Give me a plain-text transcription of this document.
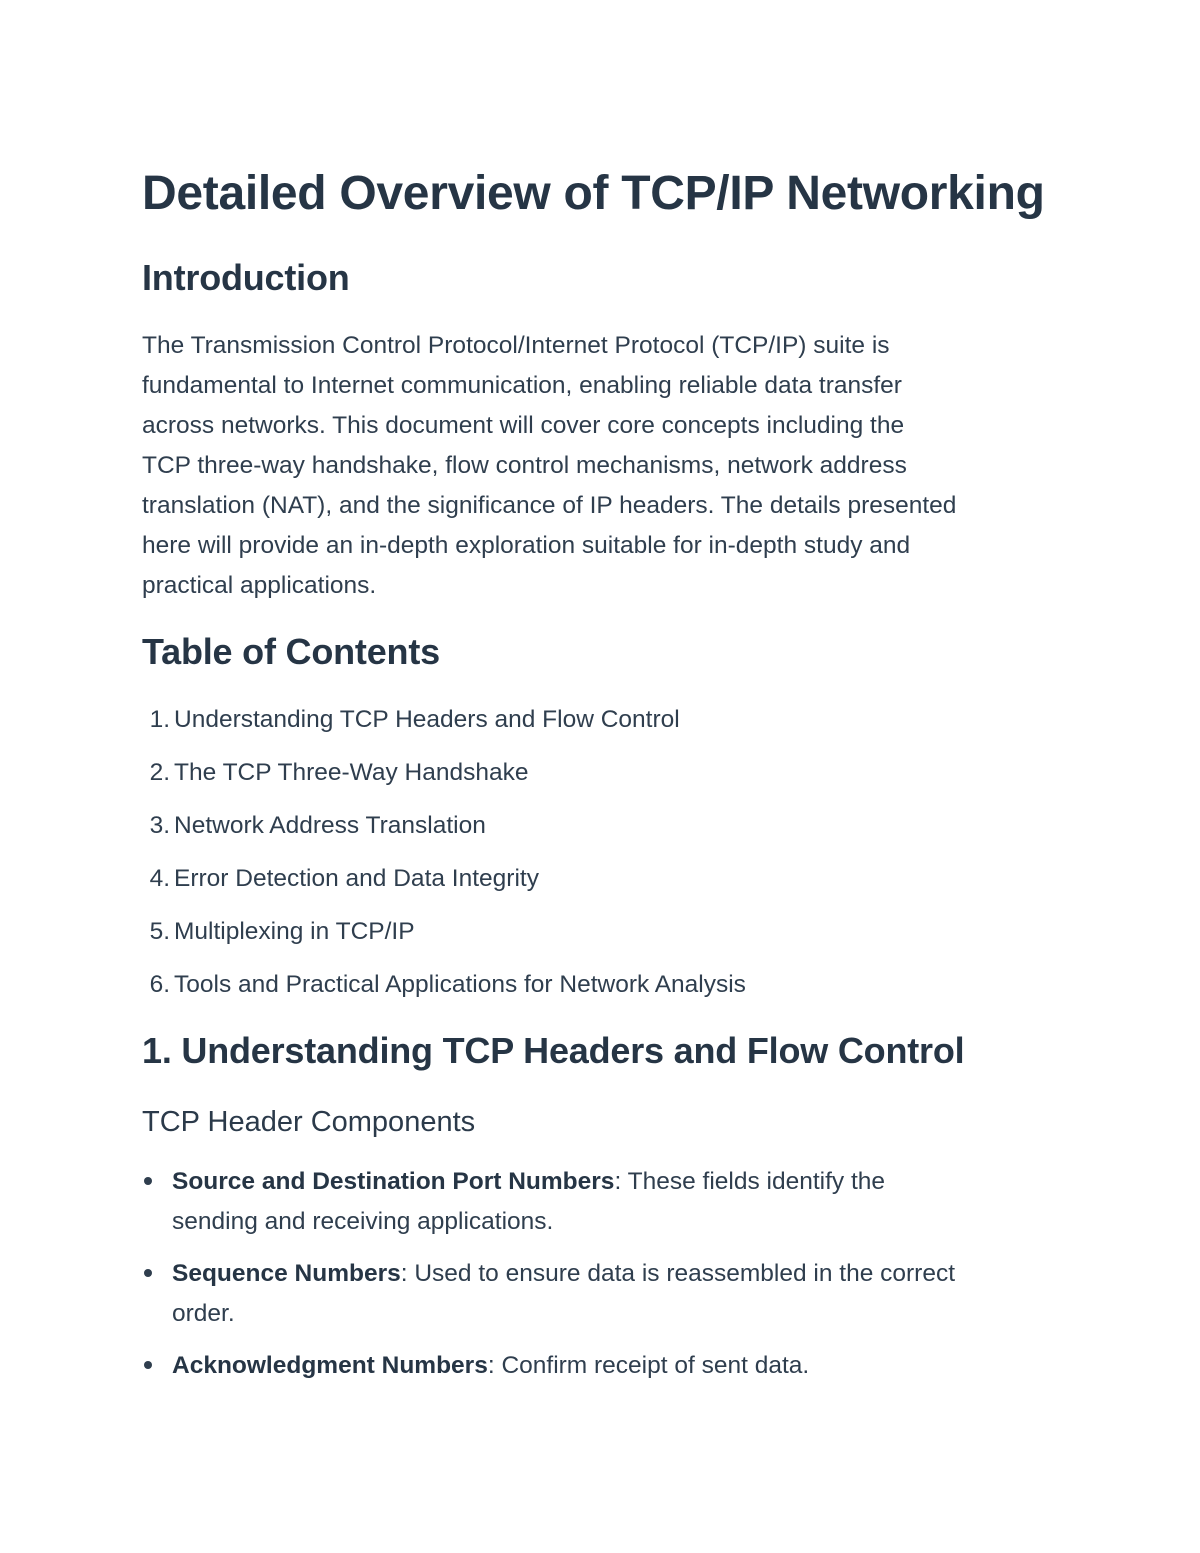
Detailed Overview of TCP/IP Networking
Introduction

The Transmission Control Protocol/Internet Protocol (TCP/IP) suite is
fundamental to Internet communication, enabling reliable data transfer
across networks. This document will cover core concepts including the
TCP three-way handshake, flow control mechanisms, network address
translation (NAT), and the significance of IP headers. The details presented
here will provide an in-depth exploration suitable for in-depth study and
practical applications.

Table of Contents
1. Understanding TCP Headers and Flow Control
2. The TCP Three-Way Handshake
3. Network Address Translation
4. Error Detection and Data Integrity
5. Multiplexing in TCP/IP
6. Tools and Practical Applications for Network Analysis
1. Understanding TCP Headers and Flow Control
TCP Header Components
Source and Destination Port Numbers: These fields identify the
sending and receiving applications.
Sequence Numbers: Used to ensure data is reassembled in the correct
order.
Acknowledgment Numbers: Confirm receipt of sent data.
